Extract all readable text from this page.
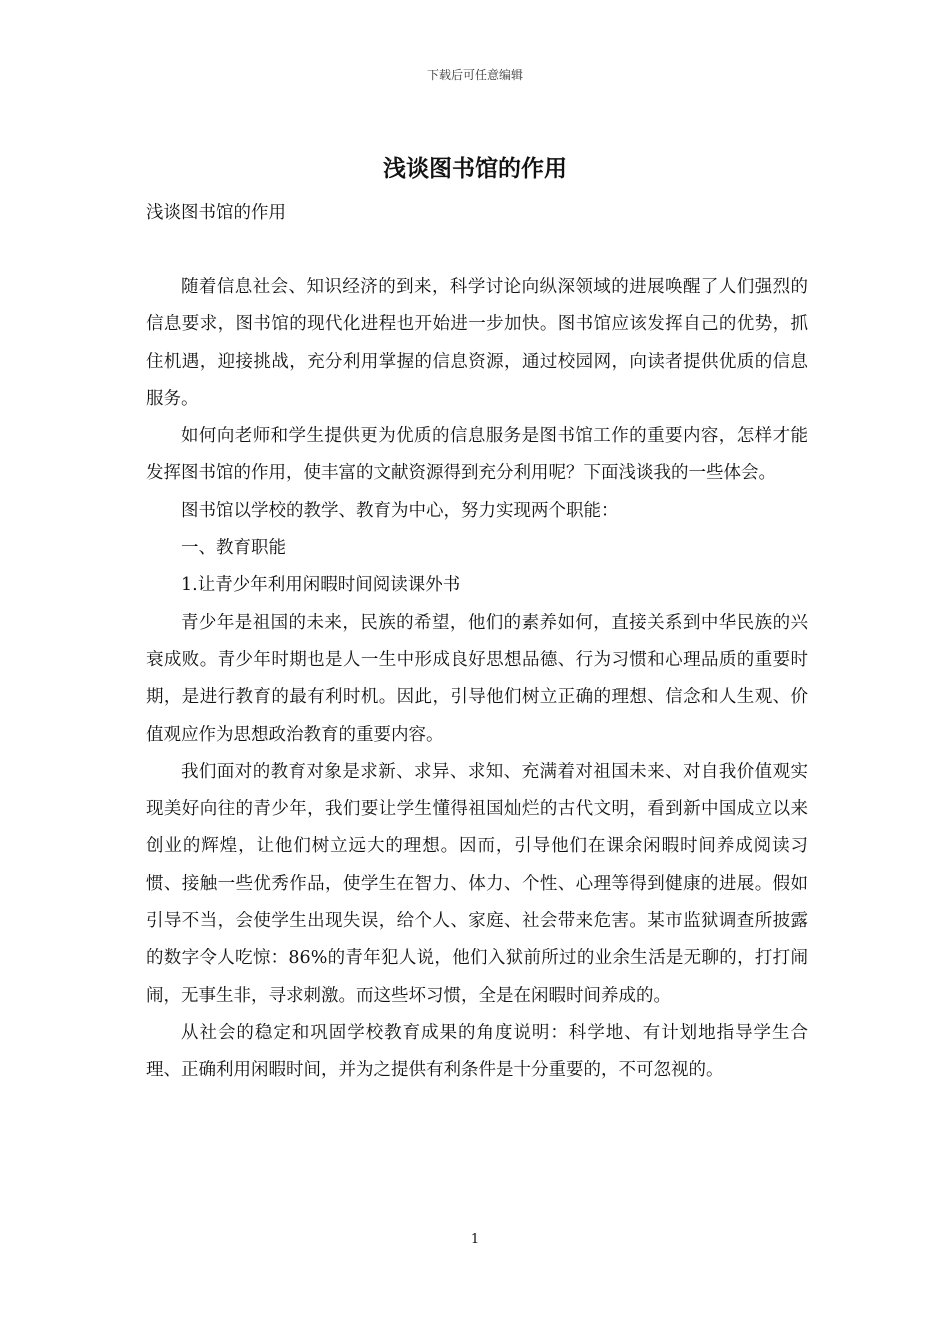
下载后可任意编辑
浅谈图书馆的作用

浅谈图书馆的作用

随着信息社会、知识经济的到来，科学讨论向纵深领域的进展唤醒了人们强烈的信息要求，图书馆的现代化进程也开始进一步加快。图书馆应该发挥自己的优势，抓住机遇，迎接挑战，充分利用掌握的信息资源，通过校园网，向读者提供优质的信息服务。

如何向老师和学生提供更为优质的信息服务是图书馆工作的重要内容，怎样才能发挥图书馆的作用，使丰富的文献资源得到充分利用呢？下面浅谈我的一些体会。

图书馆以学校的教学、教育为中心，努力实现两个职能：

一、教育职能

1.让青少年利用闲暇时间阅读课外书

青少年是祖国的未来，民族的希望，他们的素养如何，直接关系到中华民族的兴衰成败。青少年时期也是人一生中形成良好思想品德、行为习惯和心理品质的重要时期，是进行教育的最有利时机。因此，引导他们树立正确的理想、信念和人生观、价值观应作为思想政治教育的重要内容。

我们面对的教育对象是求新、求异、求知、充满着对祖国未来、对自我价值观实现美好向往的青少年，我们要让学生懂得祖国灿烂的古代文明，看到新中国成立以来创业的辉煌，让他们树立远大的理想。因而，引导他们在课余闲暇时间养成阅读习惯、接触一些优秀作品，使学生在智力、体力、个性、心理等得到健康的进展。假如引导不当，会使学生出现失误，给个人、家庭、社会带来危害。某市监狱调查所披露的数字令人吃惊：86%的青年犯人说，他们入狱前所过的业余生活是无聊的，打打闹闹，无事生非，寻求刺激。而这些坏习惯，全是在闲暇时间养成的。

从社会的稳定和巩固学校教育成果的角度说明：科学地、有计划地指导学生合理、正确利用闲暇时间，并为之提供有利条件是十分重要的，不可忽视的。

1
